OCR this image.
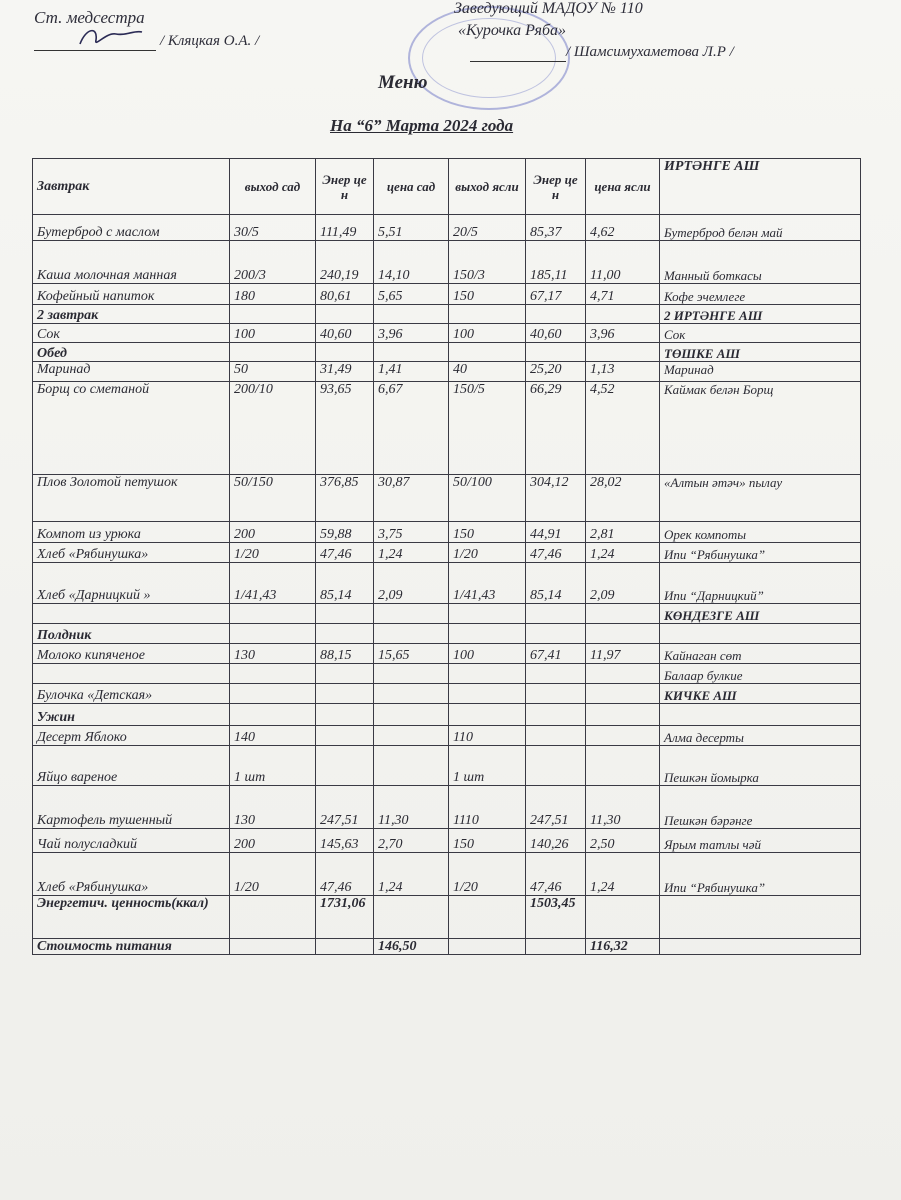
Ст. медсестра
/ Кляцкая О.А. /
Заведующий МАДОУ № 110
«Курочка Ряба»
/ Шамсимухаметова Л.Р /
Меню
На “6” Марта 2024 года
Завтрак	выход сад	Энер цен	цена сад	выход ясли	Энер цен	цена ясли	ИРТӘНГЕ АШ
Бутерброд с маслом	30/5	111,49	5,51	20/5	85,37	4,62	Бутерброд белән май
Каша молочная манная	200/3	240,19	14,10	150/3	185,11	11,00	Манный боткасы
Кофейный напиток	180	80,61	5,65	150	67,17	4,71	Кофе эчемлеге
2 завтрак							2 ИРТӘНГЕ АШ
Сок	100	40,60	3,96	100	40,60	3,96	Сок
Обед							ТӨШКЕ АШ
Маринад	50	31,49	1,41	40	25,20	1,13	Маринад
Борщ со сметаной	200/10	93,65	6,67	150/5	66,29	4,52	Каймак белән Борщ
Плов Золотой петушок	50/150	376,85	30,87	50/100	304,12	28,02	«Алтын әтәч» пылау
Компот из урюка	200	59,88	3,75	150	44,91	2,81	Орек компоты
Хлеб «Рябинушка»	1/20	47,46	1,24	1/20	47,46	1,24	Ипи “Рябинушка”
Хлеб «Дарницкий »	1/41,43	85,14	2,09	1/41,43	85,14	2,09	Ипи “Дарницкий”
							КӨНДЕЗГЕ АШ
Полдник							
Молоко кипяченое	130	88,15	15,65	100	67,41	11,97	Кайнаган сөт
							Балаар булкие
Булочка «Детская»							КИЧКЕ АШ
Ужин							
Десерт Яблоко	140			110			Алма десерты
Яйцо вареное	1 шт			1 шт			Пешкән йомырка
Картофель тушенный	130	247,51	11,30	1110	247,51	11,30	Пешкән бәрәнге
Чай полусладкий	200	145,63	2,70	150	140,26	2,50	Ярым татлы чәй
Хлеб «Рябинушка»	1/20	47,46	1,24	1/20	47,46	1,24	Ипи “Рябинушка”
Энергетич. ценность(ккал)		1731,06			1503,45		
Стоимость питания			146,50			116,32	
